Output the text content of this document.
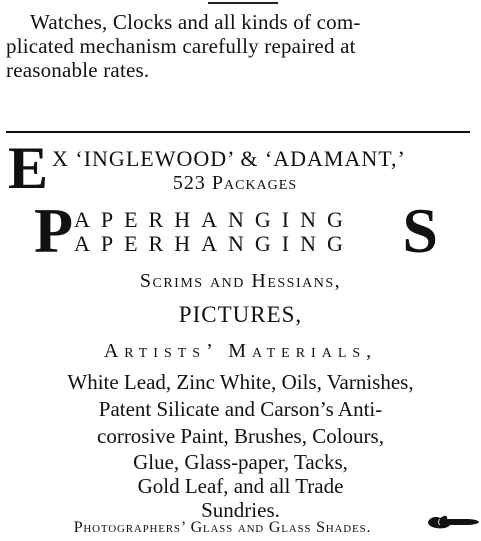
Watches, Clocks and all kinds of com-
plicated mechanism carefully repaired at
reasonable rates.
E X ‘INGLEWOOD’ & ‘ADAMANT,’
523 Packages
P APERHANGING
APERHANGING S
Scrims and Hessians,
PICTURES,
Artists’ Materials,
White Lead, Zinc White, Oils, Varnishes,
Patent Silicate and Carson’s Anti-
corrosive Paint, Brushes, Colours,
Glue, Glass-paper, Tacks,
Gold Leaf, and all Trade
Sundries.
Photographers’ Glass and Glass Shades.
